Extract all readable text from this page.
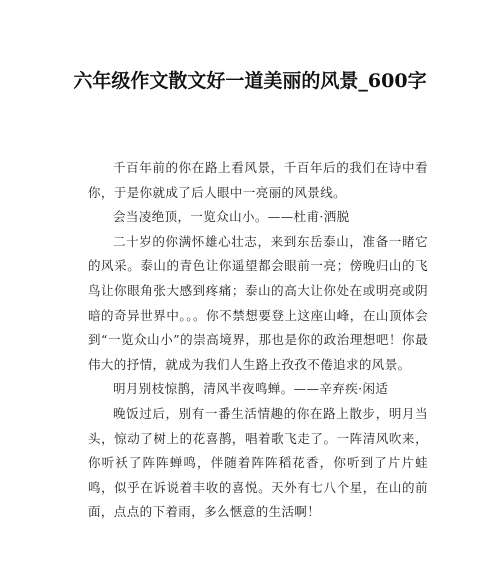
六年级作文散文好一道美丽的风景_600字

千百年前的你在路上看风景，千百年后的我们在诗中看你，于是你就成了后人眼中一亮丽的风景线。

会当凌绝顶，一览众山小。——杜甫·洒脱

二十岁的你满怀雄心壮志，来到东岳泰山，准备一睹它的风采。泰山的青色让你遥望都会眼前一亮；傍晚归山的飞鸟让你眼角张大感到疼痛；泰山的高大让你处在或明亮或阴暗的奇异世界中。。。你不禁想要登上这座山峰，在山顶体会到“一览众山小”的崇高境界，那也是你的政治理想吧！你最伟大的抒情，就成为我们人生路上孜孜不倦追求的风景。

明月别枝惊鹊，清风半夜鸣蝉。——辛弃疾·闲适

晚饭过后，别有一番生活情趣的你在路上散步，明月当头，惊动了树上的花喜鹊，唱着歌飞走了。一阵清风吹来，你听袄了阵阵蝉鸣，伴随着阵阵稻花香，你听到了片片蛙鸣，似乎在诉说着丰收的喜悦。天外有七八个星，在山的前面，点点的下着雨，多么惬意的生活啊！
